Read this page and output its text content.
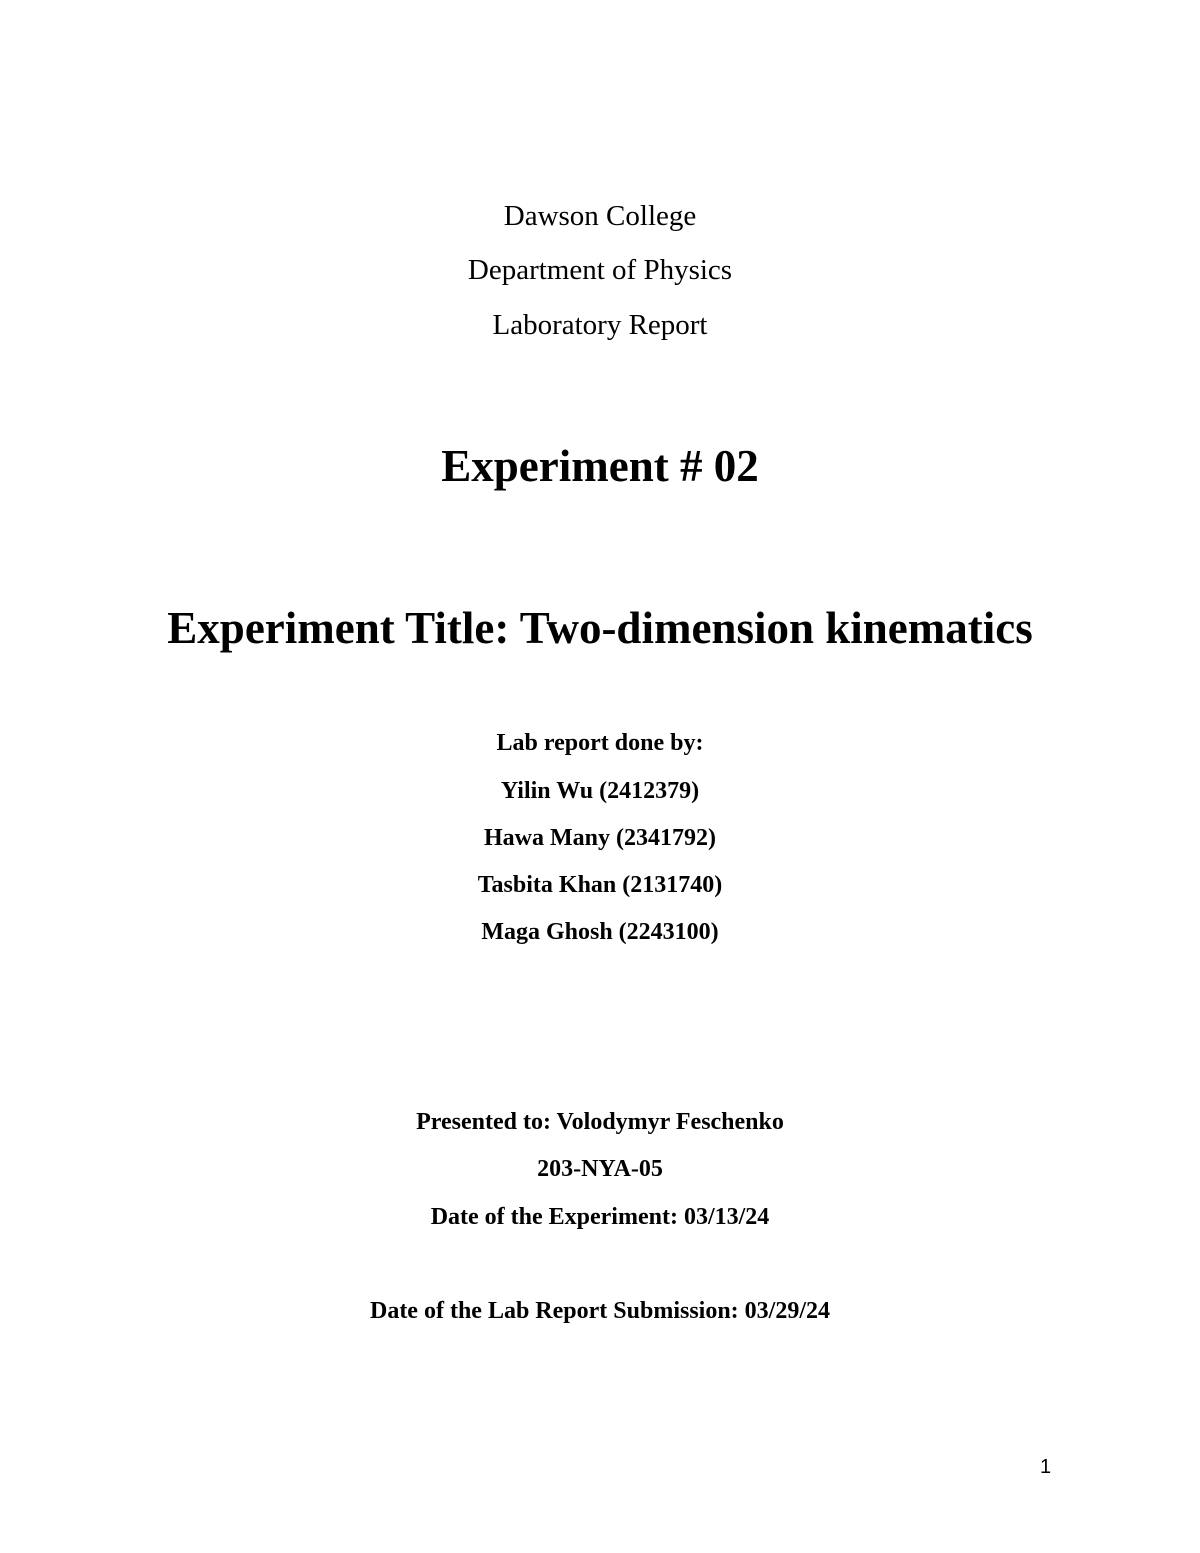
Dawson College
Department of Physics
Laboratory Report
Experiment # 02
Experiment Title: Two-dimension kinematics
Lab report done by:
Yilin Wu (2412379)
Hawa Many (2341792)
Tasbita Khan (2131740)
Maga Ghosh (2243100)
Presented to: Volodymyr Feschenko
203-NYA-05
Date of the Experiment: 03/13/24
Date of the Lab Report Submission: 03/29/24
1
